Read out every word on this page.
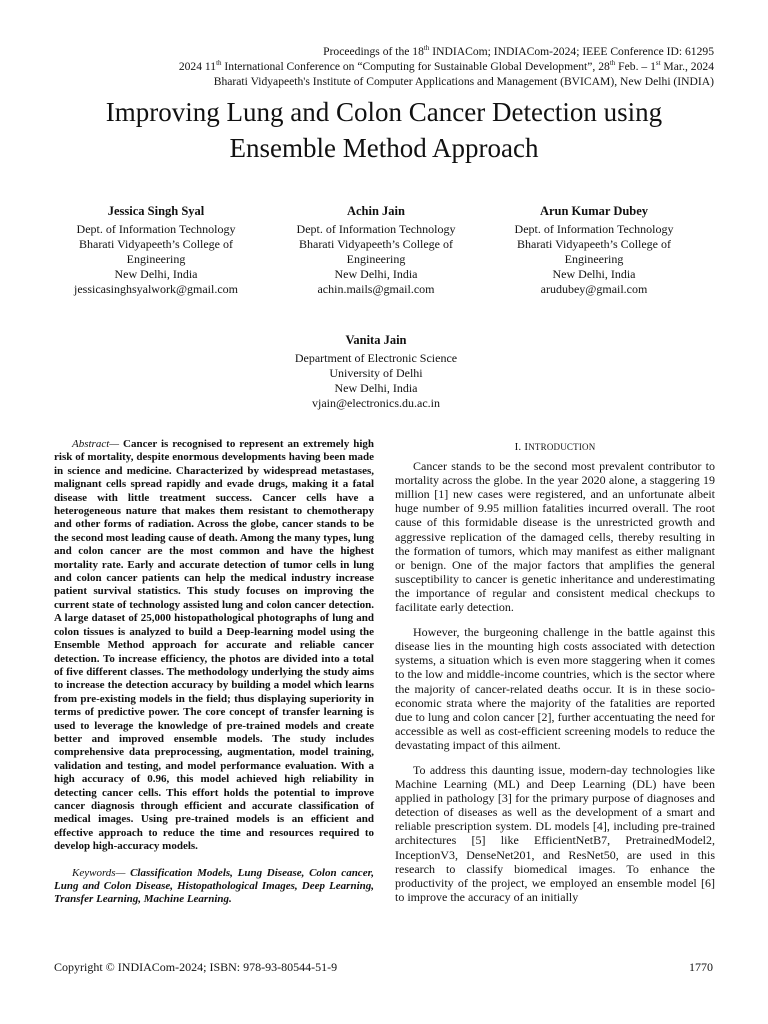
Proceedings of the 18th INDIACom; INDIACom-2024; IEEE Conference ID: 61295
2024 11th International Conference on “Computing for Sustainable Global Development”, 28th Feb. – 1st Mar., 2024
Bharati Vidyapeeth's Institute of Computer Applications and Management (BVICAM), New Delhi (INDIA)
Improving Lung and Colon Cancer Detection using
Ensemble Method Approach
Jessica Singh Syal
Dept. of Information Technology
Bharati Vidyapeeth’s College of
Engineering
New Delhi, India
jessicasinghsyalwork@gmail.com
Achin Jain
Dept. of Information Technology
Bharati Vidyapeeth’s College of
Engineering
New Delhi, India
achin.mails@gmail.com
Arun Kumar Dubey
Dept. of Information Technology
Bharati Vidyapeeth’s College of
Engineering
New Delhi, India
arudubey@gmail.com
Vanita Jain
Department of Electronic Science
University of Delhi
New Delhi, India
vjain@electronics.du.ac.in

Abstract— Cancer is recognised to represent an extremely high risk of mortality, despite enormous developments having been made in science and medicine. Characterized by widespread metastases, malignant cells spread rapidly and evade drugs, making it a fatal disease with little treatment success. Cancer cells have a heterogeneous nature that makes them resistant to chemotherapy and other forms of radiation. Across the globe, cancer stands to be the second most leading cause of death. Among the many types, lung and colon cancer are the most common and have the highest mortality rate. Early and accurate detection of tumor cells in lung and colon cancer patients can help the medical industry increase patient survival statistics. This study focuses on improving the current state of technology assisted lung and colon cancer detection. A large dataset of 25,000 histopathological photographs of lung and colon tissues is analyzed to build a Deep-learning model using the Ensemble Method approach for accurate and reliable cancer detection. To increase efficiency, the photos are divided into a total of five different classes. The methodology underlying the study aims to increase the detection accuracy by building a model which learns from pre-existing models in the field; thus displaying superiority in terms of predictive power. The core concept of transfer learning is used to leverage the knowledge of pre-trained models and create better and improved ensemble models. The study includes comprehensive data preprocessing, augmentation, model training, validation and testing, and model performance evaluation. With a high accuracy of 0.96, this model achieved high reliability in detecting cancer cells. This effort holds the potential to improve cancer diagnosis through efficient and accurate classification of medical images. Using pre-trained models is an efficient and effective approach to reduce the time and resources required to develop high-accuracy models.

Keywords— Classification Models, Lung Disease, Colon cancer, Lung and Colon Disease, Histopathological Images, Deep Learning, Transfer Learning, Machine Learning.

I. INTRODUCTION

Cancer stands to be the second most prevalent contributor to mortality across the globe. In the year 2020 alone, a staggering 19 million [1] new cases were registered, and an unfortunate albeit huge number of 9.95 million fatalities incurred overall. The root cause of this formidable disease is the unrestricted growth and aggressive replication of the damaged cells, thereby resulting in the formation of tumors, which may manifest as either malignant or benign. One of the major factors that amplifies the general susceptibility to cancer is genetic inheritance and underestimating the importance of regular and consistent medical checkups to facilitate early detection.

However, the burgeoning challenge in the battle against this disease lies in the mounting high costs associated with detection systems, a situation which is even more staggering when it comes to the low and middle-income countries, which is the sector where the majority of cancer-related deaths occur. It is in these socio-economic strata where the majority of the fatalities are reported due to lung and colon cancer [2], further accentuating the need for accessible as well as cost-efficient screening models to reduce the devastating impact of this ailment.

To address this daunting issue, modern-day technologies like Machine Learning (ML) and Deep Learning (DL) have been applied in pathology [3] for the primary purpose of diagnoses and detection of diseases as well as the development of a smart and reliable prescription system. DL models [4], including pre-trained architectures [5] like EfficientNetB7, PretrainedModel2, InceptionV3, DenseNet201, and ResNet50, are used in this research to classify biomedical images. To enhance the productivity of the project, we employed an ensemble model [6] to improve the accuracy of an initially

Copyright © INDIACom-2024; ISBN: 978-93-80544-51-9	1770
